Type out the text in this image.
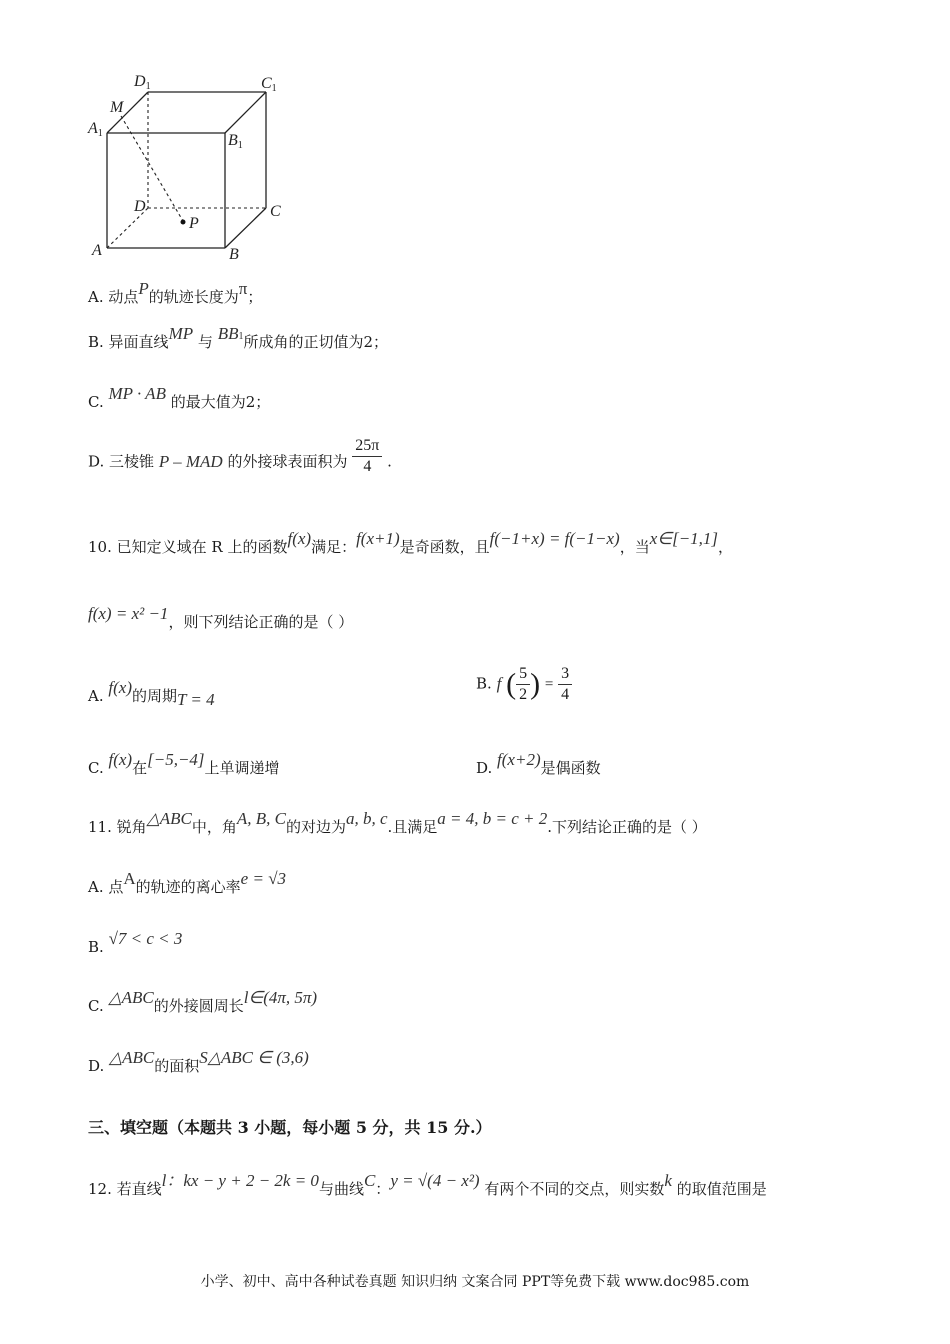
D1	C1
M
A1	B1
D	C
P
A	B
A. 动点P的轨迹长度为π；
B. 异面直线MP 与 BB1所成角的正切值为2；
C. MP · AB 的最大值为2；
D. 三棱锥 P – MAD 的外接球表面积为 $\frac{25\pi}{4}$ .
10. 已知定义域在 R 上的函数f(x)满足：f(x+1)是奇函数，且f(−1+x) = f(−1−x)，当x∈[−1,1]，
f(x) = x² −1，则下列结论正确的是（ ）
A. f(x)的周期T = 4
B. f ( $\frac{5}{2}$ ) = $\frac{3}{4}$
C. f(x)在[−5,−4]上单调递增	D. f(x+2)是偶函数
11. 锐角△ABC中，角A, B, C的对边为a, b, c.且满足a = 4, b = c + 2.下列结论正确的是（ ）
A. 点A的轨迹的离心率e = √3
B. √7 < c < 3
C. △ABC的外接圆周长l∈(4π, 5π)
D. △ABC的面积S△ABC ∈ (3,6)
三、填空题（本题共 3 小题，每小题 5 分，共 15 分.）
12. 若直线l：kx − y + 2 − 2k = 0与曲线C：y = √(4 − x²) 有两个不同的交点，则实数k 的取值范围是
小学、初中、高中各种试卷真题 知识归纳 文案合同 PPT等免费下载 www.doc985.com
